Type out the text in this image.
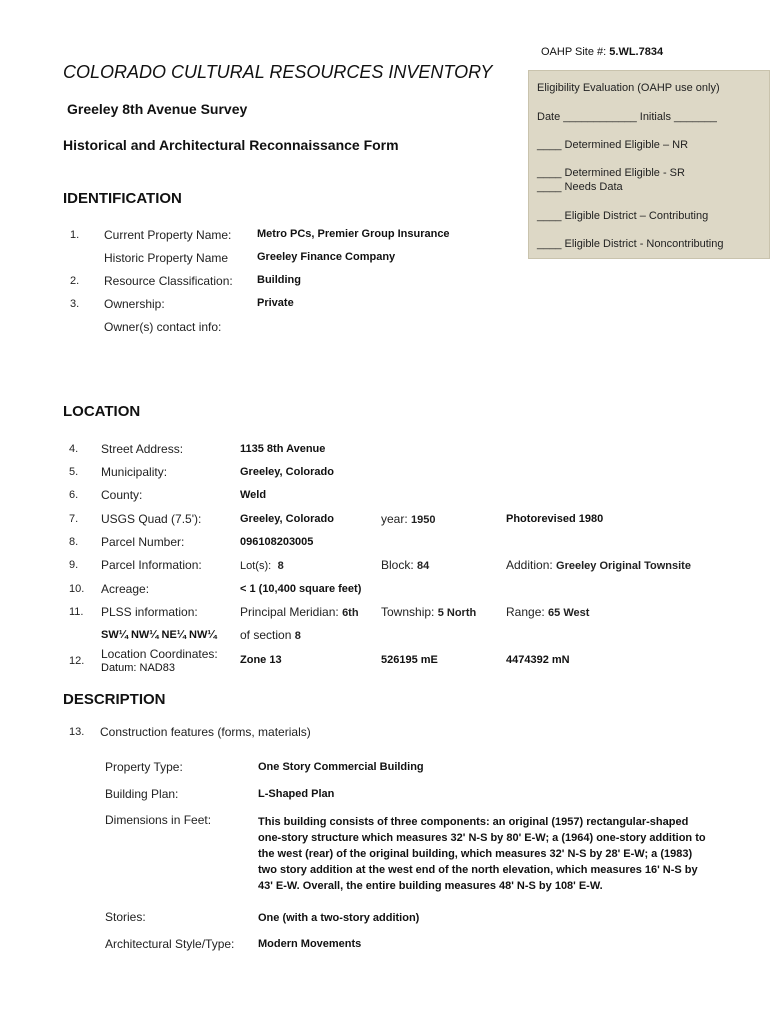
OAHP Site #: 5.WL.7834
Eligibility Evaluation (OAHP use only)
Date ____________ Initials _______
____ Determined Eligible – NR
____ Determined Eligible - SR
____ Needs Data
____ Eligible District – Contributing
____ Eligible District - Noncontributing
COLORADO CULTURAL RESOURCES INVENTORY
Greeley 8th Avenue Survey
Historical and Architectural Reconnaissance Form
IDENTIFICATION
1. Current Property Name: Metro PCs, Premier Group Insurance
Historic Property Name	Greeley Finance Company
2. Resource Classification: Building
3. Ownership:	Private
Owner(s) contact info:
LOCATION
4. Street Address:	1135 8th Avenue
5. Municipality:	Greeley, Colorado
6. County:	Weld
7. USGS Quad (7.5'):	Greeley, Colorado	year: 1950	Photorevised 1980
8. Parcel Number:	096108203005
9. Parcel Information:	Lot(s): 8	Block: 84	Addition: Greeley Original Townsite
10. Acreage:	< 1 (10,400 square feet)
11. PLSS information:	Principal Meridian: 6th Township: 5 North Range: 65 West
SW¼ NW¼ NE¼ NW¼ of section 8
12. Location Coordinates:
Datum: NAD83
Zone 13	526195 mE	4474392 mN
DESCRIPTION
13. Construction features (forms, materials)
Property Type:	One Story Commercial Building
Building Plan:	L-Shaped Plan
Dimensions in Feet:	This building consists of three components: an original (1957) rectangular-shaped one-story structure which measures 32' N-S by 80' E-W; a (1964) one-story addition to the west (rear) of the original building, which measures 32' N-S by 28' E-W; a (1983) two story addition at the west end of the north elevation, which measures 16' N-S by 43' E-W. Overall, the entire building measures 48' N-S by 108' E-W.
Stories:	One (with a two-story addition)
Architectural Style/Type: Modern Movements
